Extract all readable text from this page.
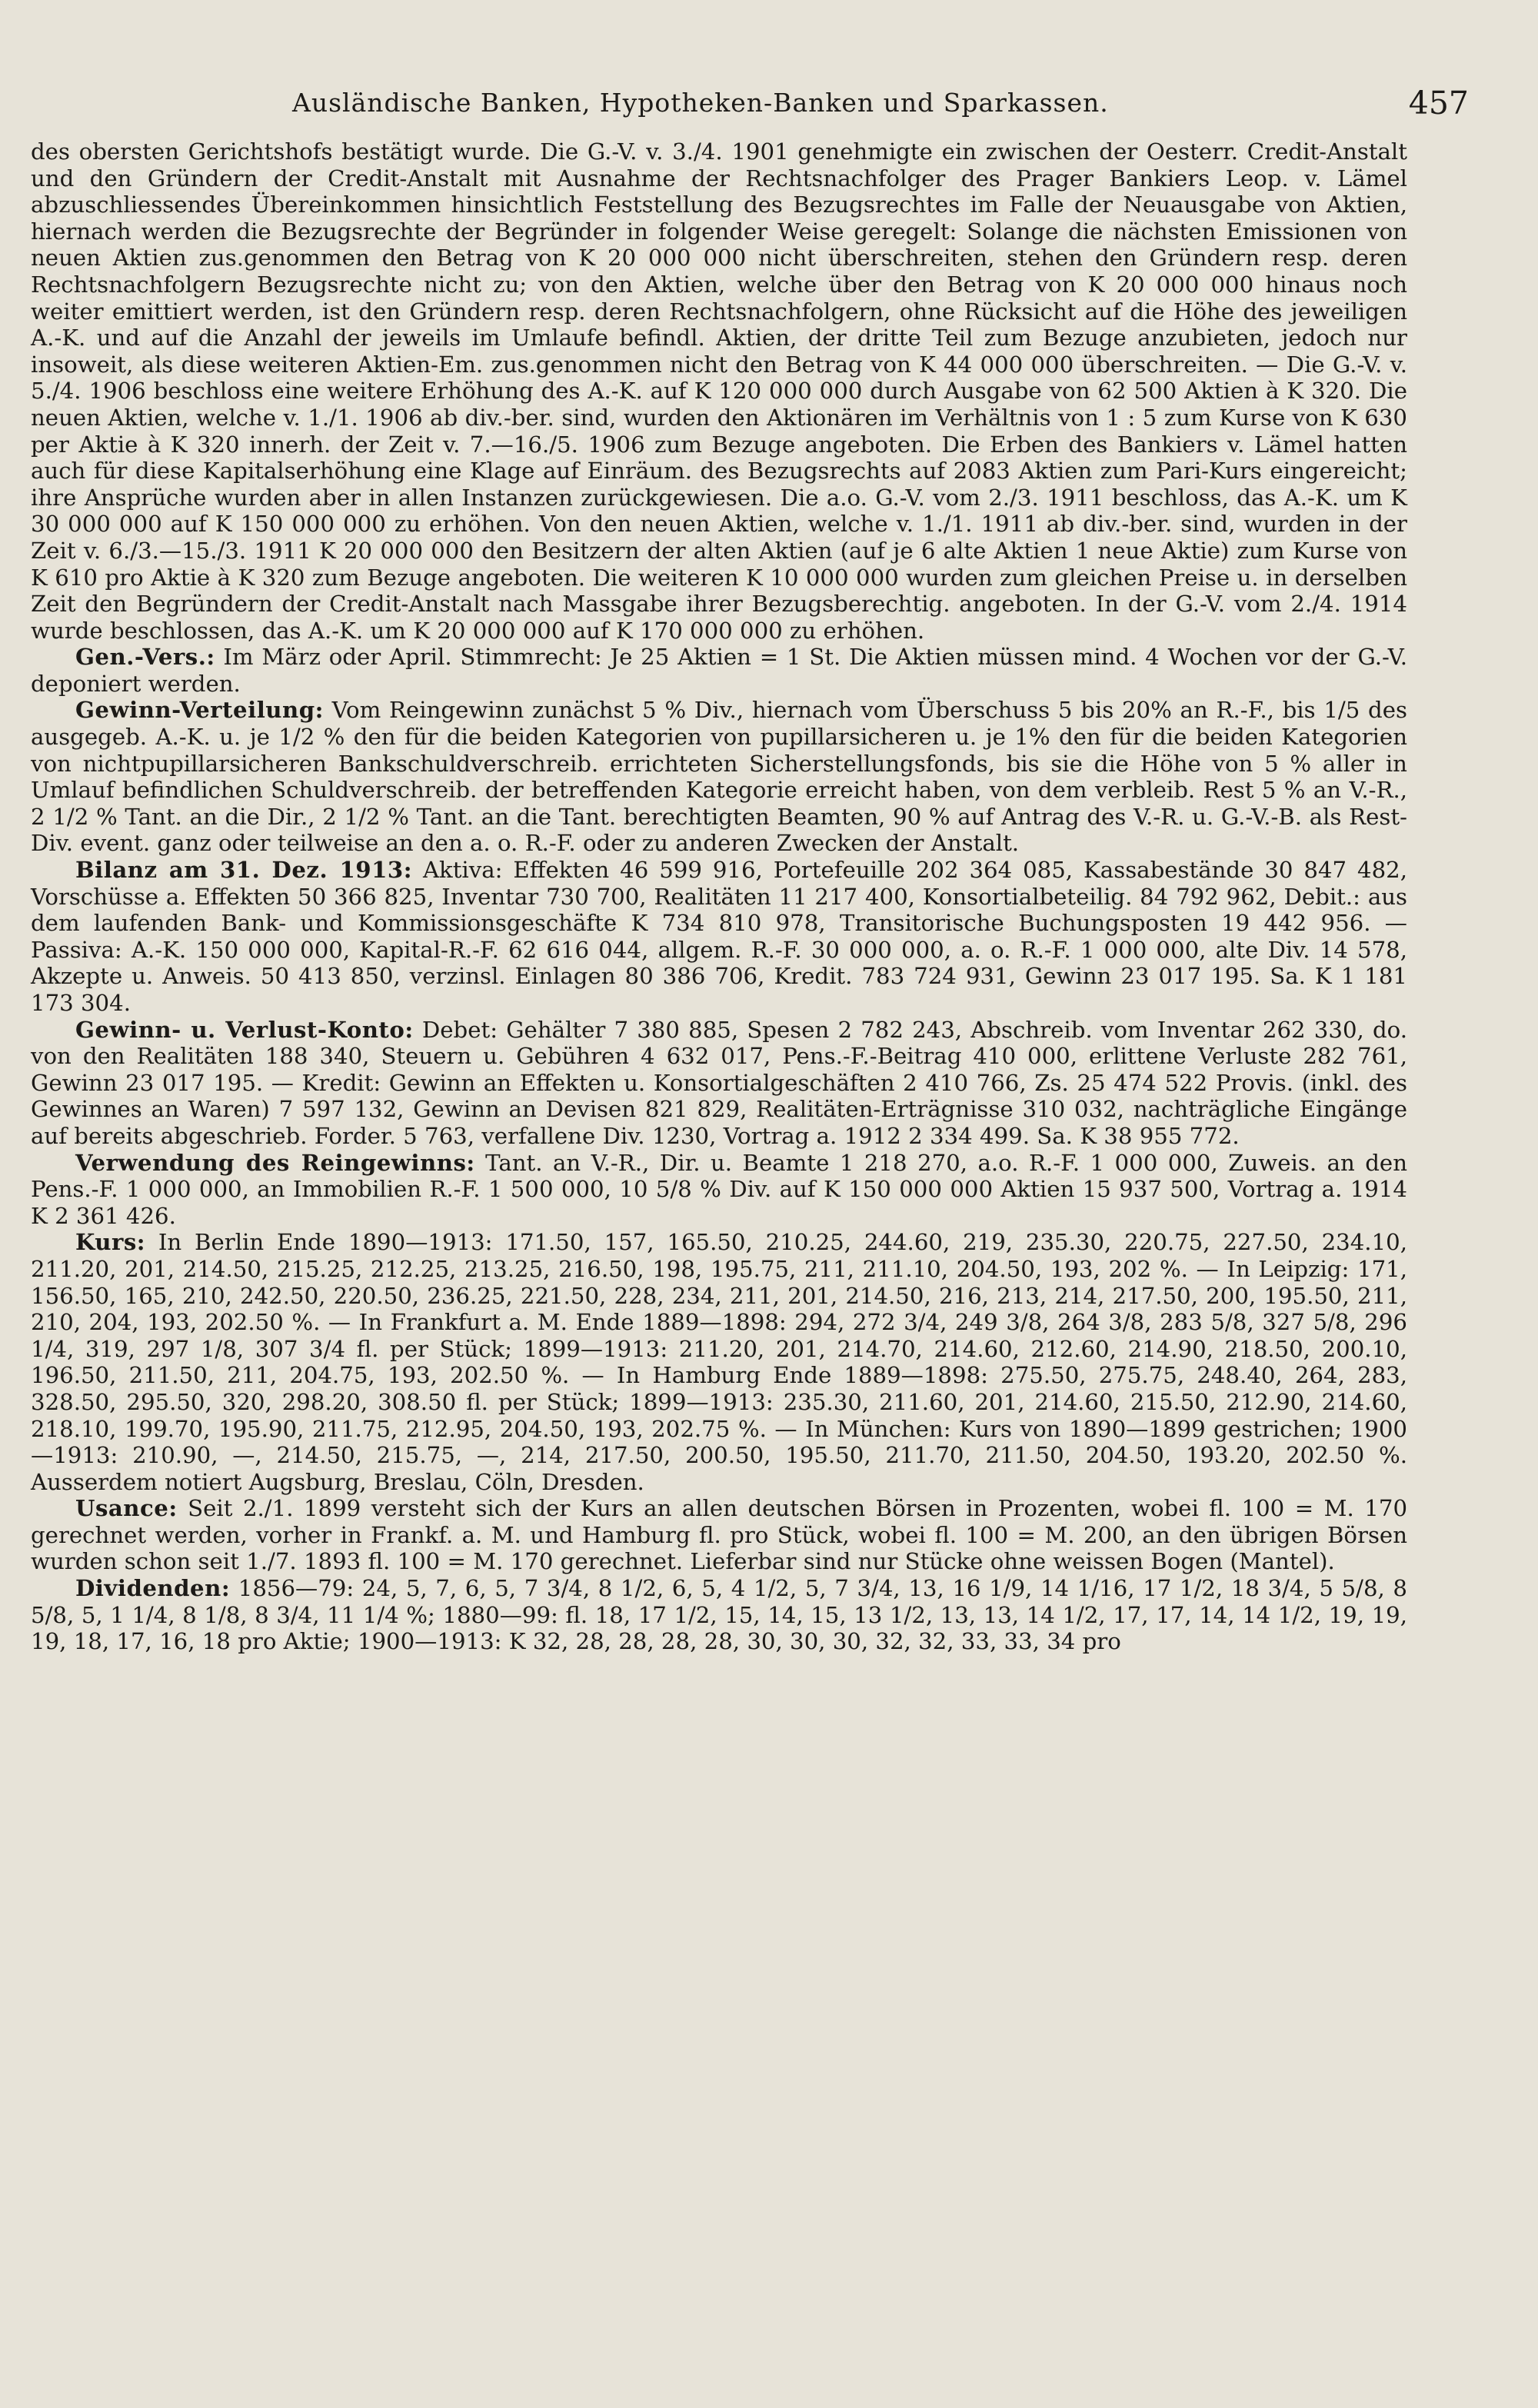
Ausländische Banken, Hypotheken-Banken und Sparkassen.	457

des obersten Gerichtshofs bestätigt wurde. Die G.-V. v. 3./4. 1901 genehmigte ein zwischen der Oesterr. Credit-Anstalt und den Gründern der Credit-Anstalt mit Ausnahme der Rechtsnachfolger des Prager Bankiers Leop. v. Lämel abzuschliessendes Übereinkommen hinsichtlich Feststellung des Bezugsrechtes im Falle der Neuausgabe von Aktien, hiernach werden die Bezugsrechte der Begründer in folgender Weise geregelt: Solange die nächsten Emissionen von neuen Aktien zus.genommen den Betrag von K 20 000 000 nicht überschreiten, stehen den Gründern resp. deren Rechtsnachfolgern Bezugsrechte nicht zu; von den Aktien, welche über den Betrag von K 20 000 000 hinaus noch weiter emittiert werden, ist den Gründern resp. deren Rechtsnachfolgern, ohne Rücksicht auf die Höhe des jeweiligen A.-K. und auf die Anzahl der jeweils im Umlaufe befindl. Aktien, der dritte Teil zum Bezuge anzubieten, jedoch nur insoweit, als diese weiteren Aktien-Em. zus.genommen nicht den Betrag von K 44 000 000 überschreiten. — Die G.-V. v. 5./4. 1906 beschloss eine weitere Erhöhung des A.-K. auf K 120 000 000 durch Ausgabe von 62 500 Aktien à K 320. Die neuen Aktien, welche v. 1./1. 1906 ab div.-ber. sind, wurden den Aktionären im Verhältnis von 1 : 5 zum Kurse von K 630 per Aktie à K 320 innerh. der Zeit v. 7.—16./5. 1906 zum Bezuge angeboten. Die Erben des Bankiers v. Lämel hatten auch für diese Kapitalserhöhung eine Klage auf Einräum. des Bezugsrechts auf 2083 Aktien zum Pari-Kurs eingereicht; ihre Ansprüche wurden aber in allen Instanzen zurückgewiesen. Die a.o. G.-V. vom 2./3. 1911 beschloss, das A.-K. um K 30 000 000 auf K 150 000 000 zu erhöhen. Von den neuen Aktien, welche v. 1./1. 1911 ab div.-ber. sind, wurden in der Zeit v. 6./3.—15./3. 1911 K 20 000 000 den Besitzern der alten Aktien (auf je 6 alte Aktien 1 neue Aktie) zum Kurse von K 610 pro Aktie à K 320 zum Bezuge angeboten. Die weiteren K 10 000 000 wurden zum gleichen Preise u. in derselben Zeit den Begründern der Credit-Anstalt nach Massgabe ihrer Bezugsberechtig. angeboten. In der G.-V. vom 2./4. 1914 wurde beschlossen, das A.-K. um K 20 000 000 auf K 170 000 000 zu erhöhen.

Gen.-Vers.: Im März oder April. Stimmrecht: Je 25 Aktien = 1 St. Die Aktien müssen mind. 4 Wochen vor der G.-V. deponiert werden.

Gewinn-Verteilung: Vom Reingewinn zunächst 5 % Div., hiernach vom Überschuss 5 bis 20% an R.-F., bis 1/5 des ausgegeb. A.-K. u. je 1/2 % den für die beiden Kategorien von pupillarsicheren u. je 1% den für die beiden Kategorien von nichtpupillarsicheren Bankschuldverschreib. errichteten Sicherstellungsfonds, bis sie die Höhe von 5 % aller in Umlauf befindlichen Schuldverschreib. der betreffenden Kategorie erreicht haben, von dem verbleib. Rest 5 % an V.-R., 2 1/2 % Tant. an die Dir., 2 1/2 % Tant. an die Tant. berechtigten Beamten, 90 % auf Antrag des V.-R. u. G.-V.-B. als Rest-Div. event. ganz oder teilweise an den a. o. R.-F. oder zu anderen Zwecken der Anstalt.

Bilanz am 31. Dez. 1913: Aktiva: Effekten 46 599 916, Portefeuille 202 364 085, Kassabestände 30 847 482, Vorschüsse a. Effekten 50 366 825, Inventar 730 700, Realitäten 11 217 400, Konsortialbeteilig. 84 792 962, Debit.: aus dem laufenden Bank- und Kommissionsgeschäfte K 734 810 978, Transitorische Buchungsposten 19 442 956. — Passiva: A.-K. 150 000 000, Kapital-R.-F. 62 616 044, allgem. R.-F. 30 000 000, a. o. R.-F. 1 000 000, alte Div. 14 578, Akzepte u. Anweis. 50 413 850, verzinsl. Einlagen 80 386 706, Kredit. 783 724 931, Gewinn 23 017 195. Sa. K 1 181 173 304.

Gewinn- u. Verlust-Konto: Debet: Gehälter 7 380 885, Spesen 2 782 243, Abschreib. vom Inventar 262 330, do. von den Realitäten 188 340, Steuern u. Gebühren 4 632 017, Pens.-F.-Beitrag 410 000, erlittene Verluste 282 761, Gewinn 23 017 195. — Kredit: Gewinn an Effekten u. Konsortialgeschäften 2 410 766, Zs. 25 474 522 Provis. (inkl. des Gewinnes an Waren) 7 597 132, Gewinn an Devisen 821 829, Realitäten-Erträgnisse 310 032, nachträgliche Eingänge auf bereits abgeschrieb. Forder. 5 763, verfallene Div. 1230, Vortrag a. 1912 2 334 499. Sa. K 38 955 772.

Verwendung des Reingewinns: Tant. an V.-R., Dir. u. Beamte 1 218 270, a.o. R.-F. 1 000 000, Zuweis. an den Pens.-F. 1 000 000, an Immobilien R.-F. 1 500 000, 10 5/8 % Div. auf K 150 000 000 Aktien 15 937 500, Vortrag a. 1914 K 2 361 426.

Kurs: In Berlin Ende 1890—1913: 171.50, 157, 165.50, 210.25, 244.60, 219, 235.30, 220.75, 227.50, 234.10, 211.20, 201, 214.50, 215.25, 212.25, 213.25, 216.50, 198, 195.75, 211, 211.10, 204.50, 193, 202 %. — In Leipzig: 171, 156.50, 165, 210, 242.50, 220.50, 236.25, 221.50, 228, 234, 211, 201, 214.50, 216, 213, 214, 217.50, 200, 195.50, 211, 210, 204, 193, 202.50 %. — In Frankfurt a. M. Ende 1889—1898: 294, 272 3/4, 249 3/8, 264 3/8, 283 5/8, 327 5/8, 296 1/4, 319, 297 1/8, 307 3/4 fl. per Stück; 1899—1913: 211.20, 201, 214.70, 214.60, 212.60, 214.90, 218.50, 200.10, 196.50, 211.50, 211, 204.75, 193, 202.50 %. — In Hamburg Ende 1889—1898: 275.50, 275.75, 248.40, 264, 283, 328.50, 295.50, 320, 298.20, 308.50 fl. per Stück; 1899—1913: 235.30, 211.60, 201, 214.60, 215.50, 212.90, 214.60, 218.10, 199.70, 195.90, 211.75, 212.95, 204.50, 193, 202.75 %. — In München: Kurs von 1890—1899 gestrichen; 1900—1913: 210.90, —, 214.50, 215.75, —, 214, 217.50, 200.50, 195.50, 211.70, 211.50, 204.50, 193.20, 202.50 %. Ausserdem notiert Augsburg, Breslau, Cöln, Dresden.

Usance: Seit 2./1. 1899 versteht sich der Kurs an allen deutschen Börsen in Prozenten, wobei fl. 100 = M. 170 gerechnet werden, vorher in Frankf. a. M. und Hamburg fl. pro Stück, wobei fl. 100 = M. 200, an den übrigen Börsen wurden schon seit 1./7. 1893 fl. 100 = M. 170 gerechnet. Lieferbar sind nur Stücke ohne weissen Bogen (Mantel).

Dividenden: 1856—79: 24, 5, 7, 6, 5, 7 3/4, 8 1/2, 6, 5, 4 1/2, 5, 7 3/4, 13, 16 1/9, 14 1/16, 17 1/2, 18 3/4, 5 5/8, 8 5/8, 5, 1 1/4, 8 1/8, 8 3/4, 11 1/4 %; 1880—99: fl. 18, 17 1/2, 15, 14, 15, 13 1/2, 13, 13, 14 1/2, 17, 17, 14, 14 1/2, 19, 19, 19, 18, 17, 16, 18 pro Aktie; 1900—1913: K 32, 28, 28, 28, 28, 30, 30, 30, 32, 32, 33, 33, 34 pro
